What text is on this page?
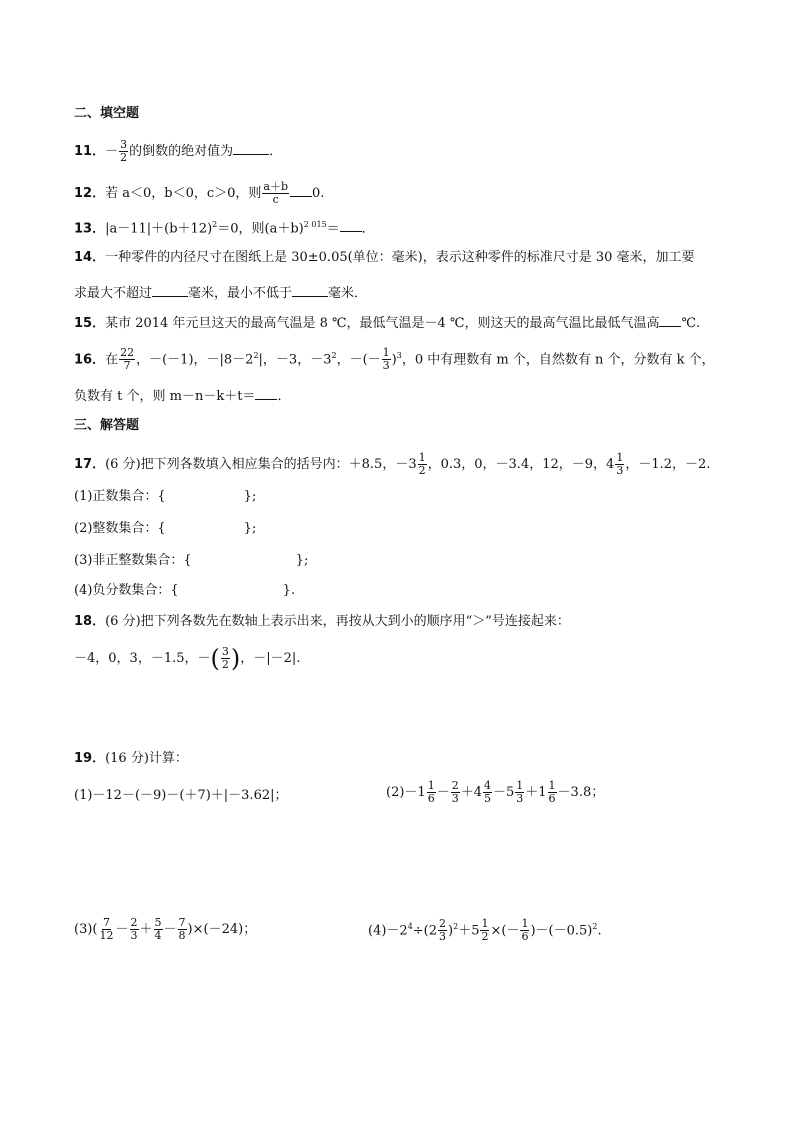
二、填空题
11．－ $\frac{3}{2}$ 的倒数的绝对值为	．
12．若 a＜0，b＜0，c＞0，则 $\frac{a+b}{c} 0$.
13．$|a-11|+(b+12)^2=0$，则$(a+b)^{2 015}=$ ．
14．一种零件的内径尺寸在图纸上是 30±0.05(单位：毫米)，表示这种零件的标准尺寸是 30 毫米，加工要
求最大不超过	毫米，最小不低于	毫米．
15．某市 2014 年元旦这天的最高气温是 8 ℃，最低气温是－4 ℃，则这天的最高气温比最低气温高 ℃.
16．在 $\frac{22}{7}$ ，－(－1)，$-|8-2^2|$，－3，$-3^2$，－(－ $\frac{1}{3} )^3$，0 中有理数有 m 个，自然数有 n 个，分数有 k 个，
负数有 t 个，则 m－n－k＋t＝ ．
三、解答题
17．(6 分)把下列各数填入相应集合的括号内：＋8.5，$-3 \frac{1}{2}$ ，0.3，0，－3.4，12，－9，$4 \frac{1}{3}$ ，－1.2，－2.
(1)正数集合：{　　　　　　};
(2)整数集合：{　　　　　　};
(3)非正整数集合：{　　　　　　　　};
(4)负分数集合：{　　　　　　　　}.
18．(6 分)把下列各数先在数轴上表示出来，再按从大到小的顺序用“＞”号连接起来：
－4，0，3，－1.5，－( $\frac{3}{2}$ )，－|－2|.
19．(16 分)计算：
(1)－12－(－9)－(＋7)＋|－3.62|；	$(2)-1 \frac{1}{6} - \frac{2}{3} +4 \frac{4}{5} -5 \frac{1}{3} +1 \frac{1}{6} -3.8$；
$(3)( \frac{7}{12} - \frac{2}{3} + \frac{5}{4} - \frac{7}{8} )\times(-24)$；	$(4)-2^4\div(2 \frac{2}{3} )^2+5 \frac{1}{2}$ ×(－ $\frac{1}{6} )-(-0.5)^2$.
